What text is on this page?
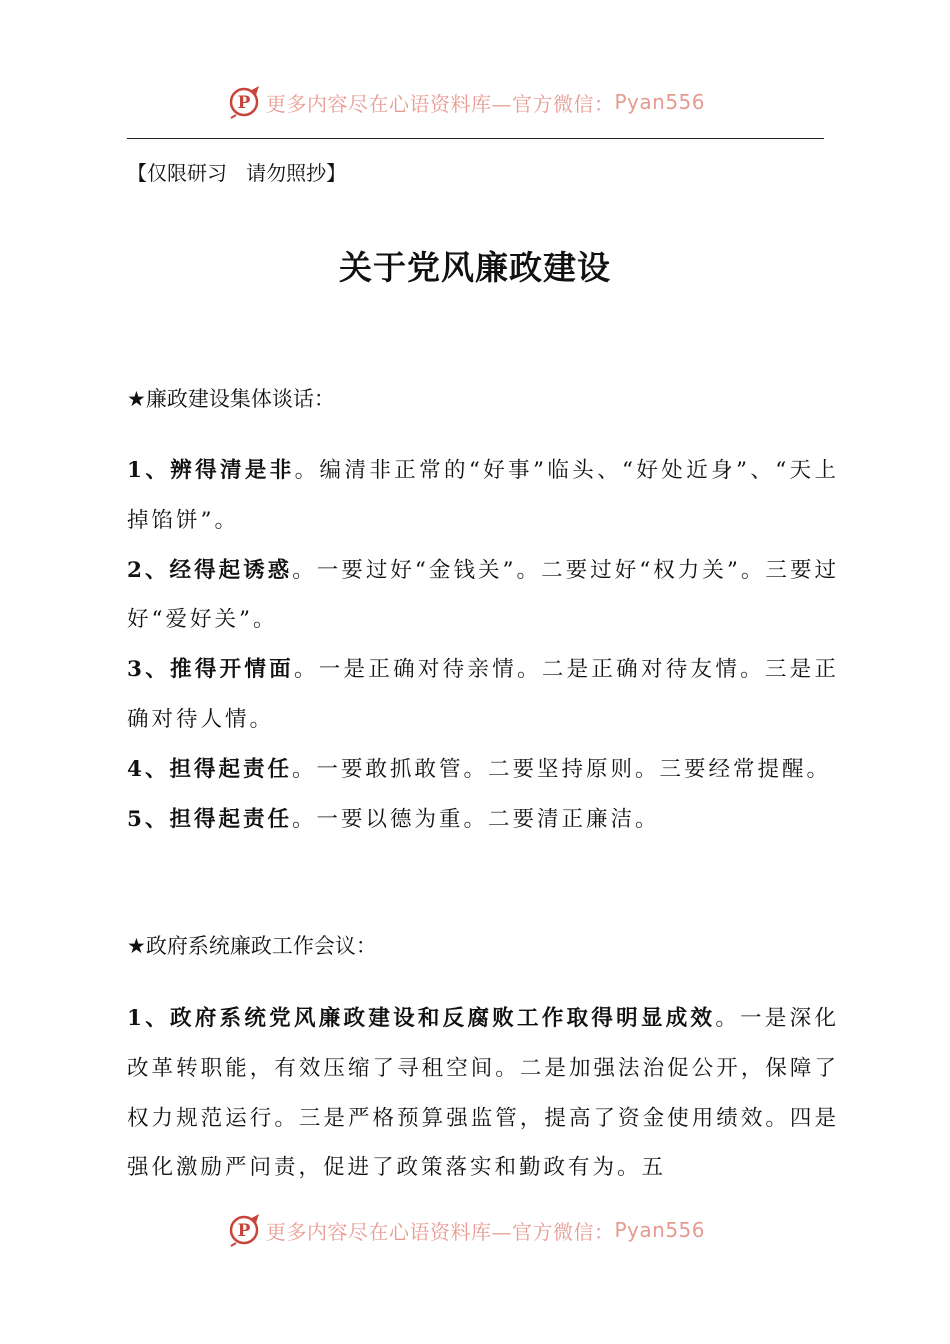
P 更多内容尽在心语资料库—官方微信： Pyan556
【仅限研习   请勿照抄】
关于党风廉政建设
★廉政建设集体谈话：

1、辨得清是非。编清非正常的“好事”临头、“好处近身”、“天上掉馅饼”。

2、经得起诱惑。一要过好“金钱关”。二要过好“权力关”。三要过好“爱好关”。

3、推得开情面。一是正确对待亲情。二是正确对待友情。三是正确对待人情。

4、担得起责任。一要敢抓敢管。二要坚持原则。三要经常提醒。

5、担得起责任。一要以德为重。二要清正廉洁。

★政府系统廉政工作会议：

1、政府系统党风廉政建设和反腐败工作取得明显成效。一是深化改革转职能，有效压缩了寻租空间。二是加强法治促公开，保障了权力规范运行。三是严格预算强监管，提高了资金使用绩效。四是强化激励严问责，促进了政策落实和勤政有为。五

P 更多内容尽在心语资料库—官方微信： Pyan556
